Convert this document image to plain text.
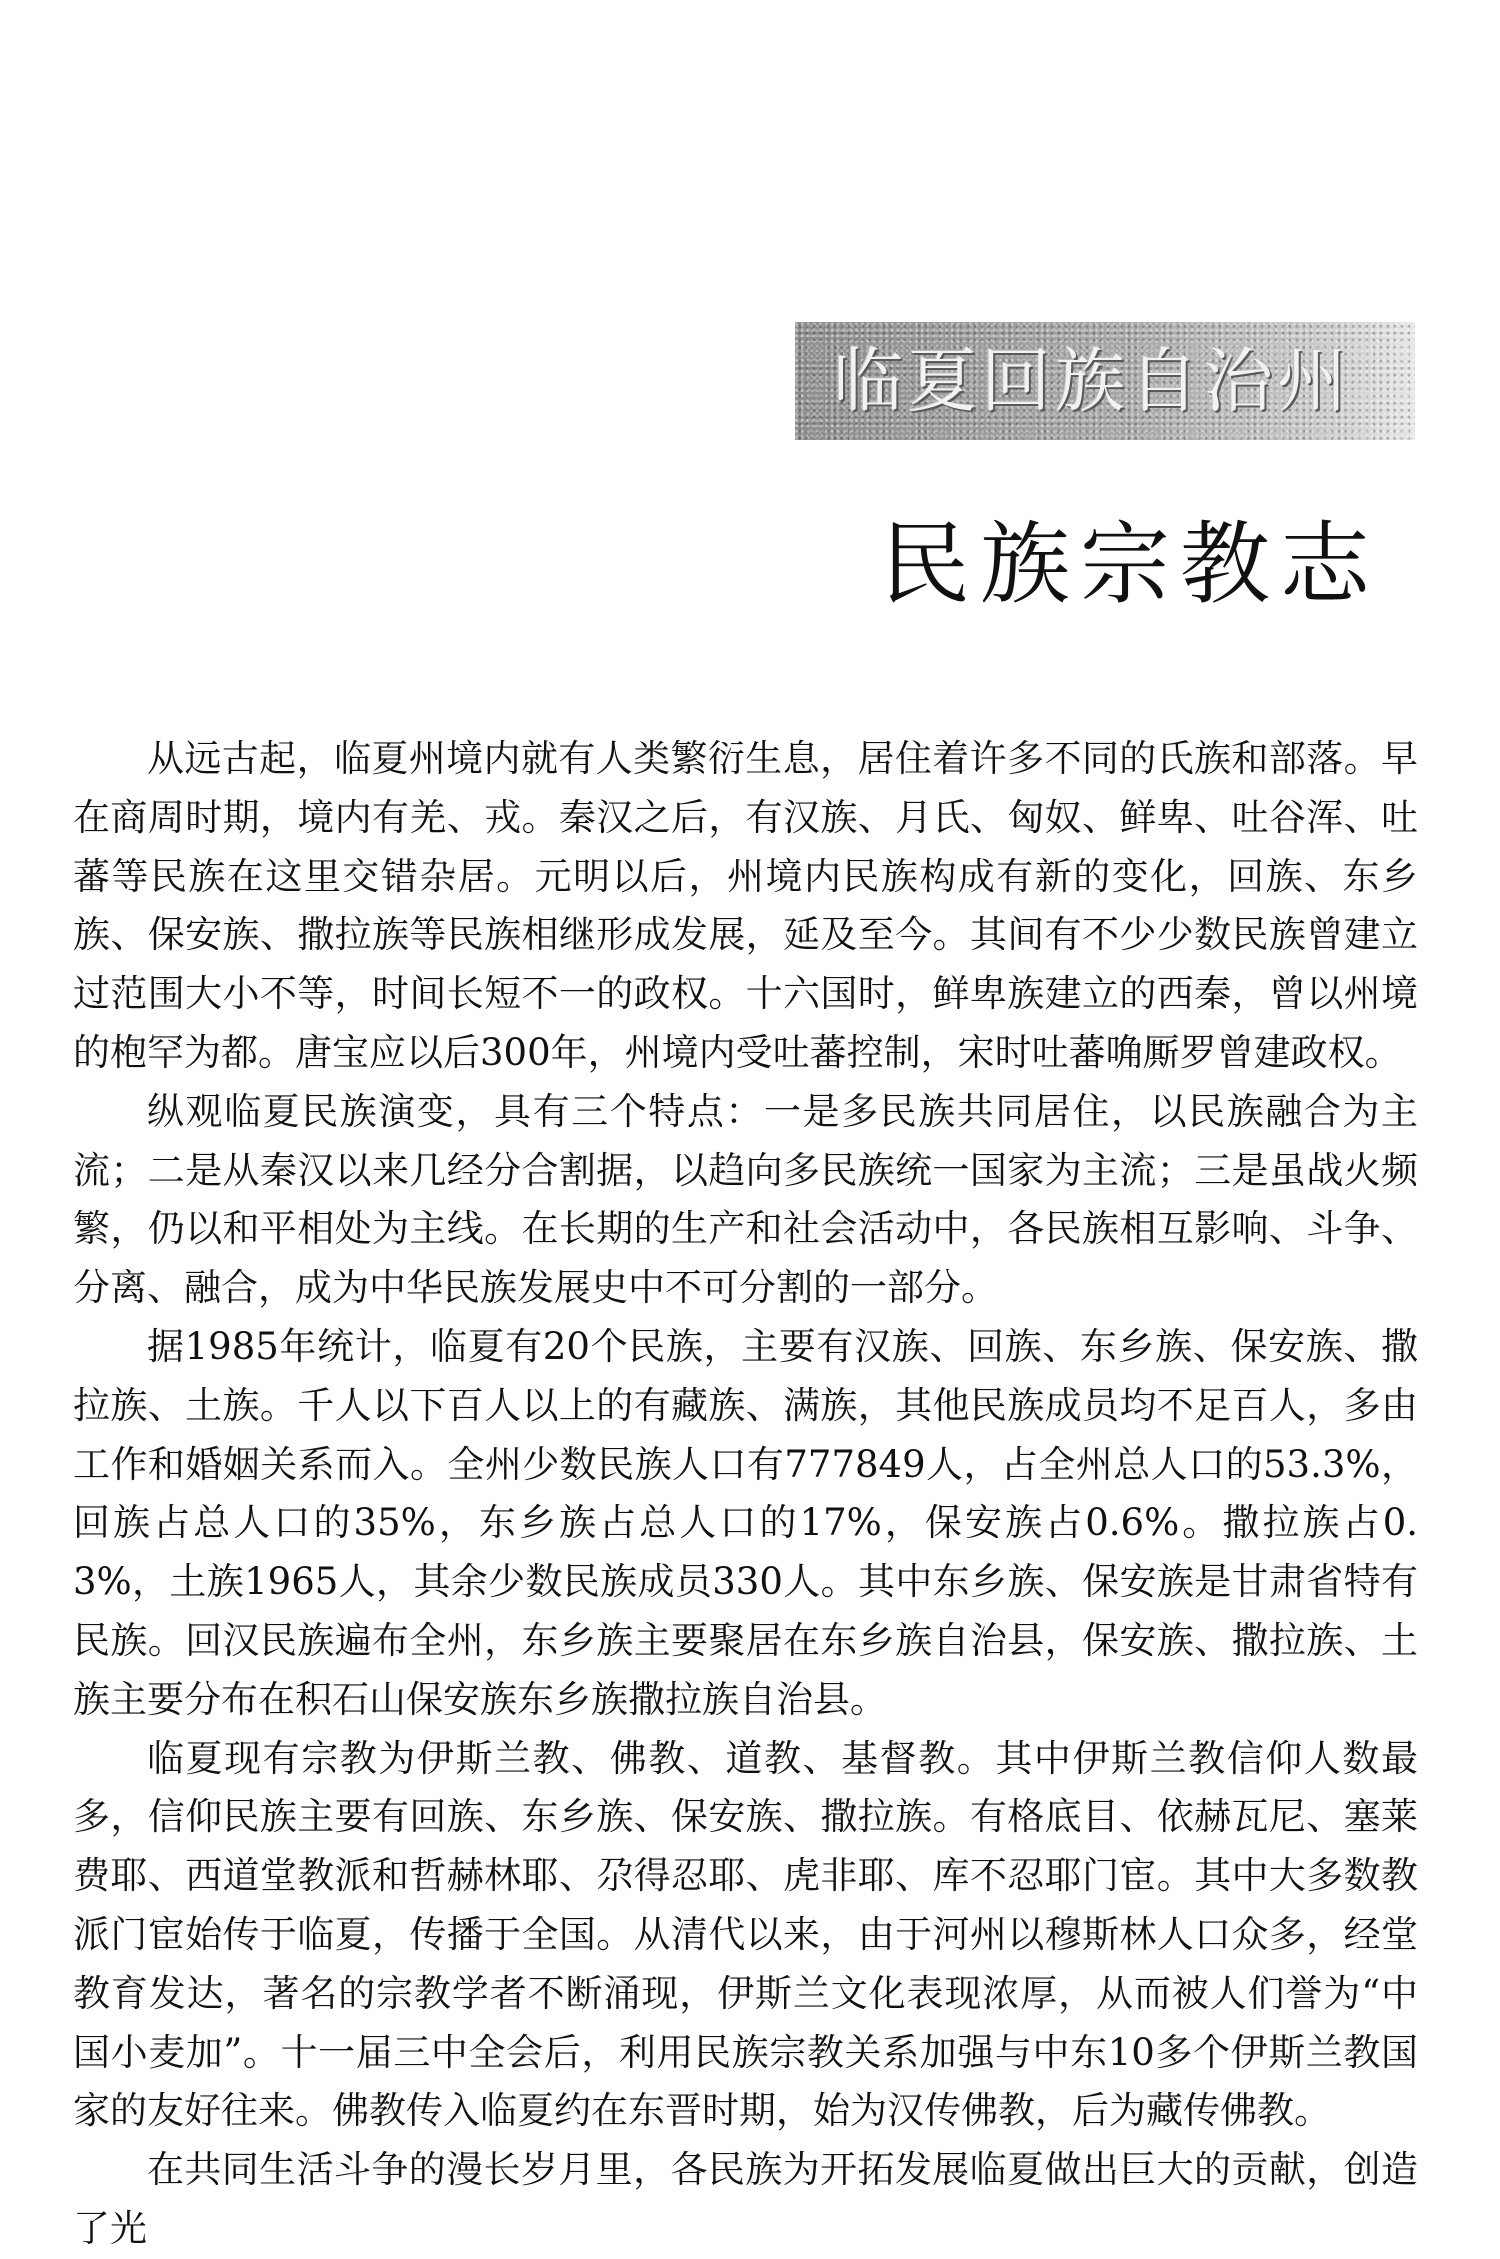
临夏回族自治州
民族宗教志

从远古起，临夏州境内就有人类繁衍生息，居住着许多不同的氏族和部落。早在商周时期，境内有羌、戎。秦汉之后，有汉族、月氏、匈奴、鲜卑、吐谷浑、吐蕃等民族在这里交错杂居。元明以后，州境内民族构成有新的变化，回族、东乡族、保安族、撒拉族等民族相继形成发展，延及至今。其间有不少少数民族曾建立过范围大小不等，时间长短不一的政权。十六国时，鲜卑族建立的西秦，曾以州境的枹罕为都。唐宝应以后300年，州境内受吐蕃控制，宋时吐蕃唃厮罗曾建政权。

纵观临夏民族演变，具有三个特点：一是多民族共同居住，以民族融合为主流；二是从秦汉以来几经分合割据，以趋向多民族统一国家为主流；三是虽战火频繁，仍以和平相处为主线。在长期的生产和社会活动中，各民族相互影响、斗争、分离、融合，成为中华民族发展史中不可分割的一部分。

据1985年统计，临夏有20个民族，主要有汉族、回族、东乡族、保安族、撒拉族、土族。千人以下百人以上的有藏族、满族，其他民族成员均不足百人，多由工作和婚姻关系而入。全州少数民族人口有777849人，占全州总人口的53.3%，回族占总人口的35%，东乡族占总人口的17%，保安族占0.6%。撒拉族占0.3%，土族1965人，其余少数民族成员330人。其中东乡族、保安族是甘肃省特有民族。回汉民族遍布全州，东乡族主要聚居在东乡族自治县，保安族、撒拉族、土族主要分布在积石山保安族东乡族撒拉族自治县。

临夏现有宗教为伊斯兰教、佛教、道教、基督教。其中伊斯兰教信仰人数最多，信仰民族主要有回族、东乡族、保安族、撒拉族。有格底目、依赫瓦尼、塞莱费耶、西道堂教派和哲赫林耶、尕得忍耶、虎非耶、库不忍耶门宦。其中大多数教派门宦始传于临夏，传播于全国。从清代以来，由于河州以穆斯林人口众多，经堂教育发达，著名的宗教学者不断涌现，伊斯兰文化表现浓厚，从而被人们誉为“中国小麦加”。十一届三中全会后，利用民族宗教关系加强与中东10多个伊斯兰教国家的友好往来。佛教传入临夏约在东晋时期，始为汉传佛教，后为藏传佛教。

在共同生活斗争的漫长岁月里，各民族为开拓发展临夏做出巨大的贡献，创造了光
